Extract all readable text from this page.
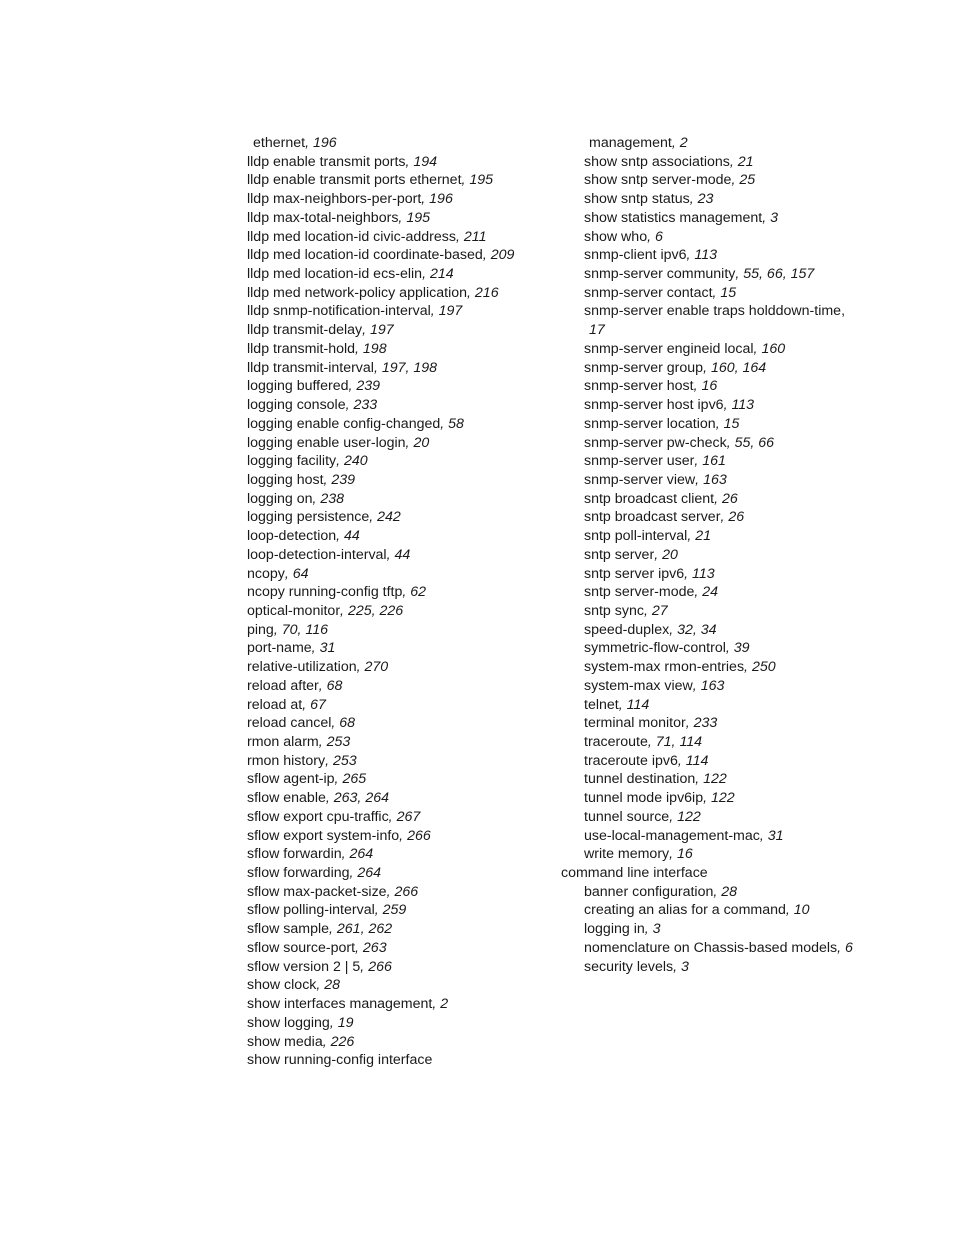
ethernet, 196
lldp enable transmit ports, 194
lldp enable transmit ports ethernet, 195
lldp max-neighbors-per-port, 196
lldp max-total-neighbors, 195
lldp med location-id civic-address, 211
lldp med location-id coordinate-based, 209
lldp med location-id ecs-elin, 214
lldp med network-policy application, 216
lldp snmp-notification-interval, 197
lldp transmit-delay, 197
lldp transmit-hold, 198
lldp transmit-interval, 197, 198
logging buffered, 239
logging console, 233
logging enable config-changed, 58
logging enable user-login, 20
logging facility, 240
logging host, 239
logging on, 238
logging persistence, 242
loop-detection, 44
loop-detection-interval, 44
ncopy, 64
ncopy running-config tftp, 62
optical-monitor, 225, 226
ping, 70, 116
port-name, 31
relative-utilization, 270
reload after, 68
reload at, 67
reload cancel, 68
rmon alarm, 253
rmon history, 253
sflow agent-ip, 265
sflow enable, 263, 264
sflow export cpu-traffic, 267
sflow export system-info, 266
sflow forwardin, 264
sflow forwarding, 264
sflow max-packet-size, 266
sflow polling-interval, 259
sflow sample, 261, 262
sflow source-port, 263
sflow version 2 | 5, 266
show clock, 28
show interfaces management, 2
show logging, 19
show media, 226
show running-config interface
management, 2
show sntp associations, 21
show sntp server-mode, 25
show sntp status, 23
show statistics management, 3
show who, 6
snmp-client ipv6, 113
snmp-server community, 55, 66, 157
snmp-server contact, 15
snmp-server enable traps holddown-time,
17
snmp-server engineid local, 160
snmp-server group, 160, 164
snmp-server host, 16
snmp-server host ipv6, 113
snmp-server location, 15
snmp-server pw-check, 55, 66
snmp-server user, 161
snmp-server view, 163
sntp broadcast client, 26
sntp broadcast server, 26
sntp poll-interval, 21
sntp server, 20
sntp server ipv6, 113
sntp server-mode, 24
sntp sync, 27
speed-duplex, 32, 34
symmetric-flow-control, 39
system-max rmon-entries, 250
system-max view, 163
telnet, 114
terminal monitor, 233
traceroute, 71, 114
traceroute ipv6, 114
tunnel destination, 122
tunnel mode ipv6ip, 122
tunnel source, 122
use-local-management-mac, 31
write memory, 16
command line interface
banner configuration, 28
creating an alias for a command, 10
logging in, 3
nomenclature on Chassis-based models, 6
security levels, 3
